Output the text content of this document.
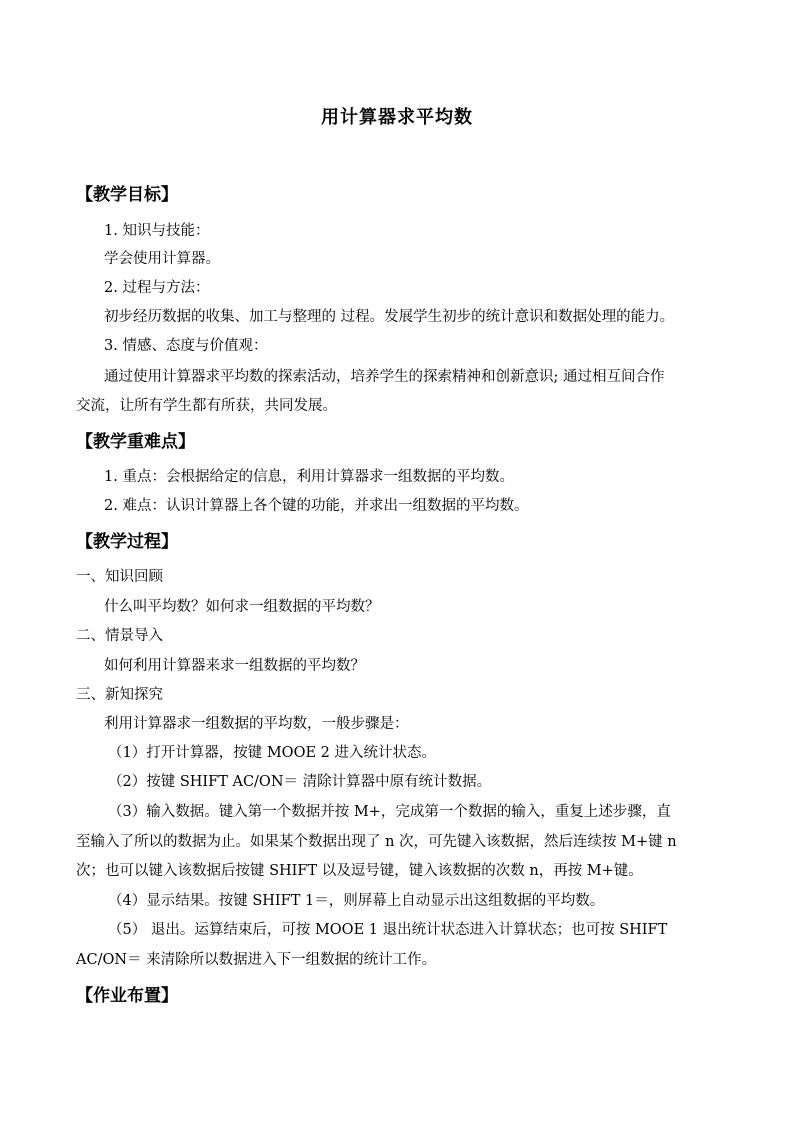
用计算器求平均数
【教学目标】
1. 知识与技能：
学会使用计算器。
2. 过程与方法：
初步经历数据的收集、加工与整理的 过程。发展学生初步的统计意识和数据处理的能力。
3. 情感、态度与价值观：
通过使用计算器求平均数的探索活动，培养学生的探索精神和创新意识; 通过相互间合作
交流，让所有学生都有所获，共同发展。
【教学重难点】
1. 重点：会根据给定的信息，利用计算器求一组数据的平均数。
2. 难点：认识计算器上各个键的功能，并求出一组数据的平均数。
【教学过程】
一、知识回顾
什么叫平均数？如何求一组数据的平均数？
二、情景导入
如何利用计算器来求一组数据的平均数？
三、新知探究
利用计算器求一组数据的平均数，一般步骤是：
（1）打开计算器，按键 MOOE 2 进入统计状态。
（2）按键 SHIFT AC/ON＝ 清除计算器中原有统计数据。
（3）输入数据。键入第一个数据并按 M+，完成第一个数据的输入，重复上述步骤，直
至输入了所以的数据为止。如果某个数据出现了 n 次，可先键入该数据，然后连续按 M+键 n
次；也可以键入该数据后按键 SHIFT 以及逗号键，键入该数据的次数 n，再按 M+键。
（4）显示结果。按键 SHIFT 1＝，则屏幕上自动显示出这组数据的平均数。
（5） 退出。运算结束后，可按 MOOE 1 退出统计状态进入计算状态；也可按 SHIFT
AC/ON＝ 来清除所以数据进入下一组数据的统计工作。
【作业布置】
